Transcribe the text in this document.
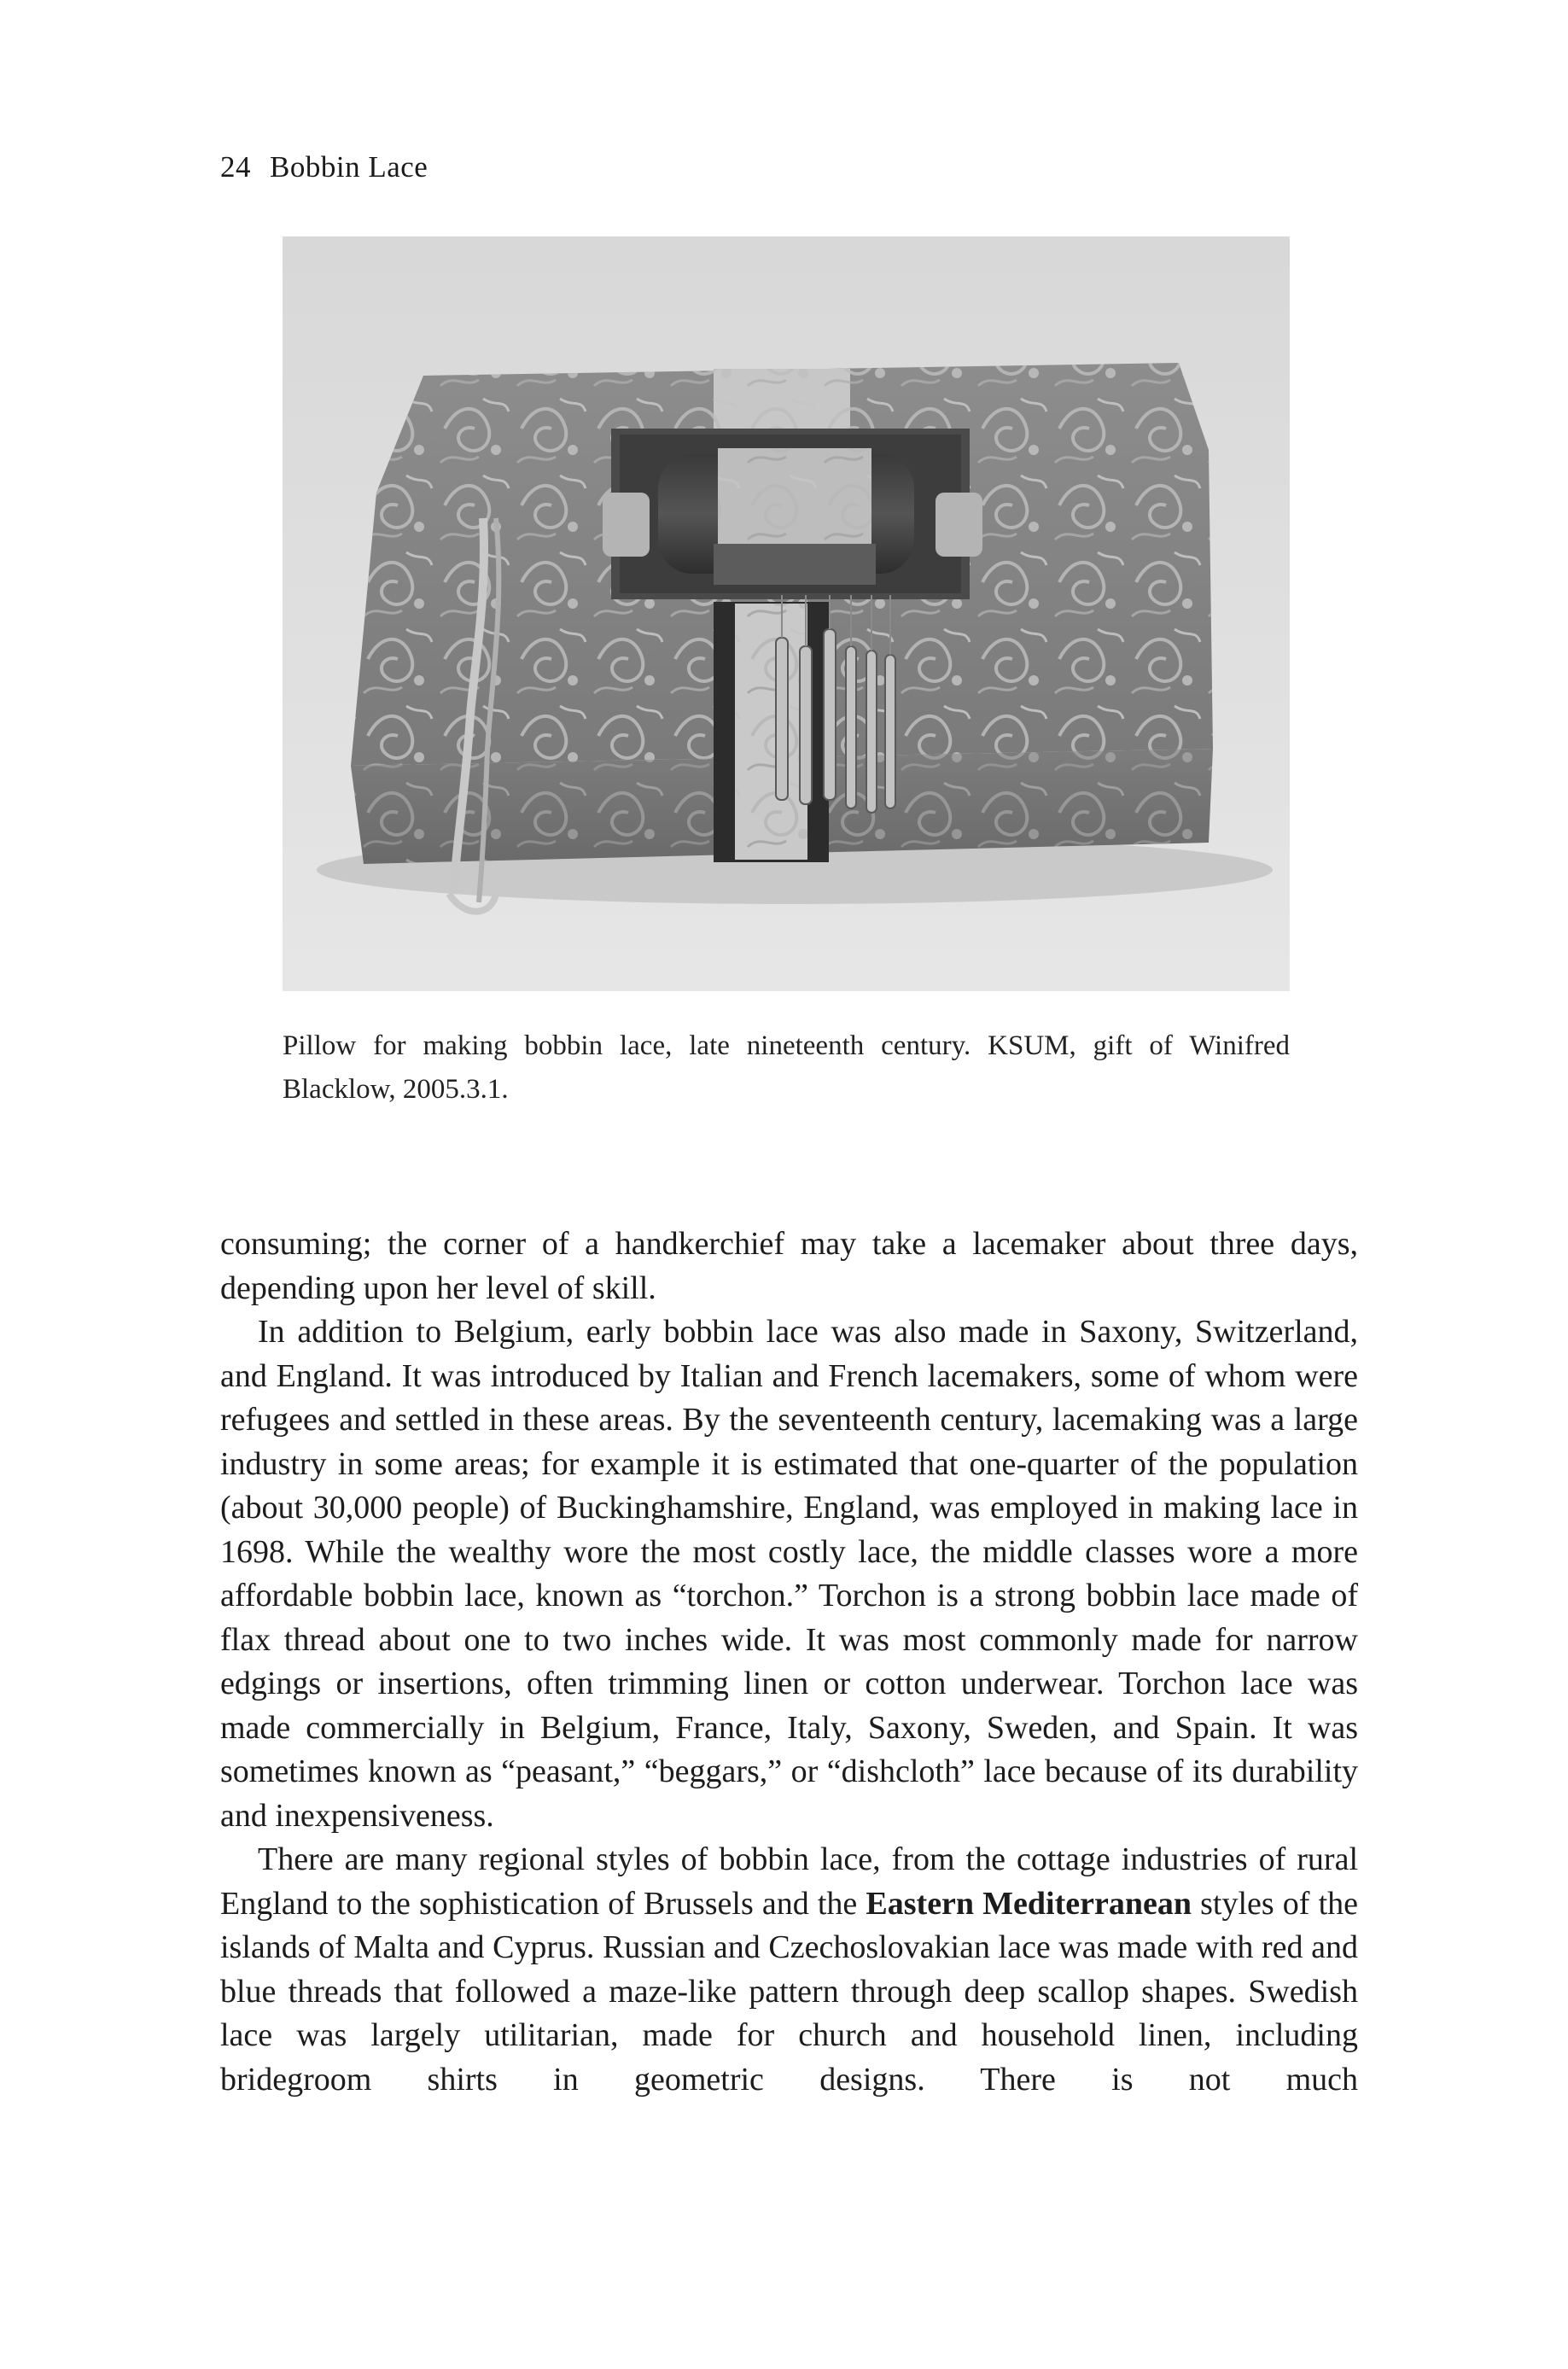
24 Bobbin Lace
Pillow for making bobbin lace, late nineteenth century. KSUM, gift of Winifred Blacklow, 2005.3.1.

consuming; the corner of a handkerchief may take a lacemaker about three days, depending upon her level of skill.

In addition to Belgium, early bobbin lace was also made in Saxony, Switzerland, and England. It was introduced by Italian and French lacemakers, some of whom were refugees and settled in these areas. By the seventeenth century, lacemaking was a large industry in some areas; for example it is estimated that one-quarter of the population (about 30,000 people) of Buckinghamshire, England, was employed in making lace in 1698. While the wealthy wore the most costly lace, the middle classes wore a more affordable bobbin lace, known as “torchon.” Torchon is a strong bobbin lace made of flax thread about one to two inches wide. It was most commonly made for narrow edgings or insertions, often trimming linen or cotton underwear. Torchon lace was made commercially in Belgium, France, Italy, Saxony, Sweden, and Spain. It was sometimes known as “peasant,” “beggars,” or “dishcloth” lace because of its durability and inexpensiveness.

There are many regional styles of bobbin lace, from the cottage industries of rural England to the sophistication of Brussels and the Eastern Mediterranean styles of the islands of Malta and Cyprus. Russian and Czechoslovakian lace was made with red and blue threads that followed a maze-like pattern through deep scallop shapes. Swedish lace was largely utilitarian, made for church and household linen, including bridegroom shirts in geometric designs. There is not much
